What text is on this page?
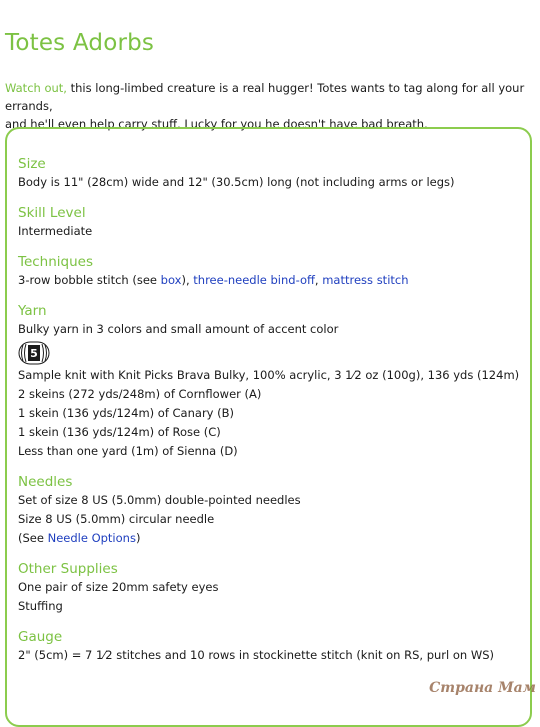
Totes Adorbs
Watch out, this long-limbed creature is a real hugger! Totes wants to tag along for all your errands,
and he'll even help carry stuff. Lucky for you he doesn't have bad breath.
Size
Body is 11" (28cm) wide and 12" (30.5cm) long (not including arms or legs)
Skill Level
Intermediate
Techniques
3-row bobble stitch (see box), three-needle bind-off, mattress stitch
Yarn
Bulky yarn in 3 colors and small amount of accent color
5
Sample knit with Knit Picks Brava Bulky, 100% acrylic, 3 1⁄2 oz (100g), 136 yds (124m)
2 skeins (272 yds/248m) of Cornflower (A)
1 skein (136 yds/124m) of Canary (B)
1 skein (136 yds/124m) of Rose (C)
Less than one yard (1m) of Sienna (D)
Needles
Set of size 8 US (5.0mm) double-pointed needles
Size 8 US (5.0mm) circular needle
(See Needle Options)
Other Supplies
One pair of size 20mm safety eyes
Stuffing
Gauge
2" (5cm) = 7 1⁄2 stitches and 10 rows in stockinette stitch (knit on RS, purl on WS)
Страна Мам
